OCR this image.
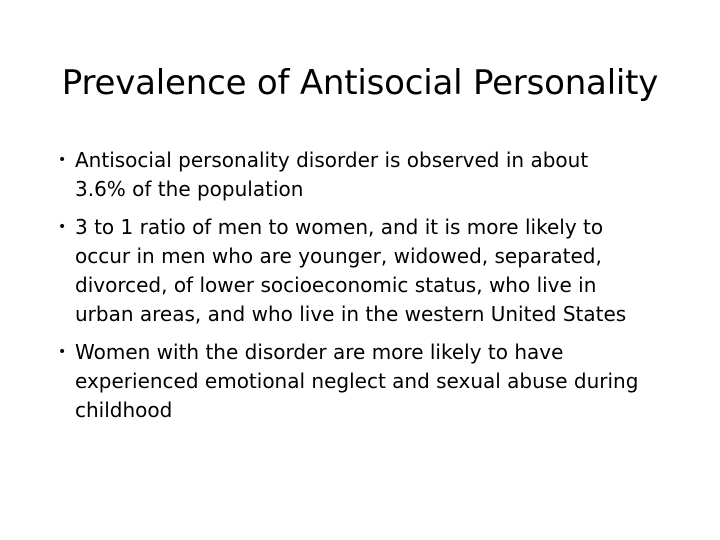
Prevalence of Antisocial Personality
• Antisocial personality disorder is observed in about
3.6% of the population
• 3 to 1 ratio of men to women, and it is more likely to
occur in men who are younger, widowed, separated,
divorced, of lower socioeconomic status, who live in
urban areas, and who live in the western United States
• Women with the disorder are more likely to have
experienced emotional neglect and sexual abuse during
childhood
